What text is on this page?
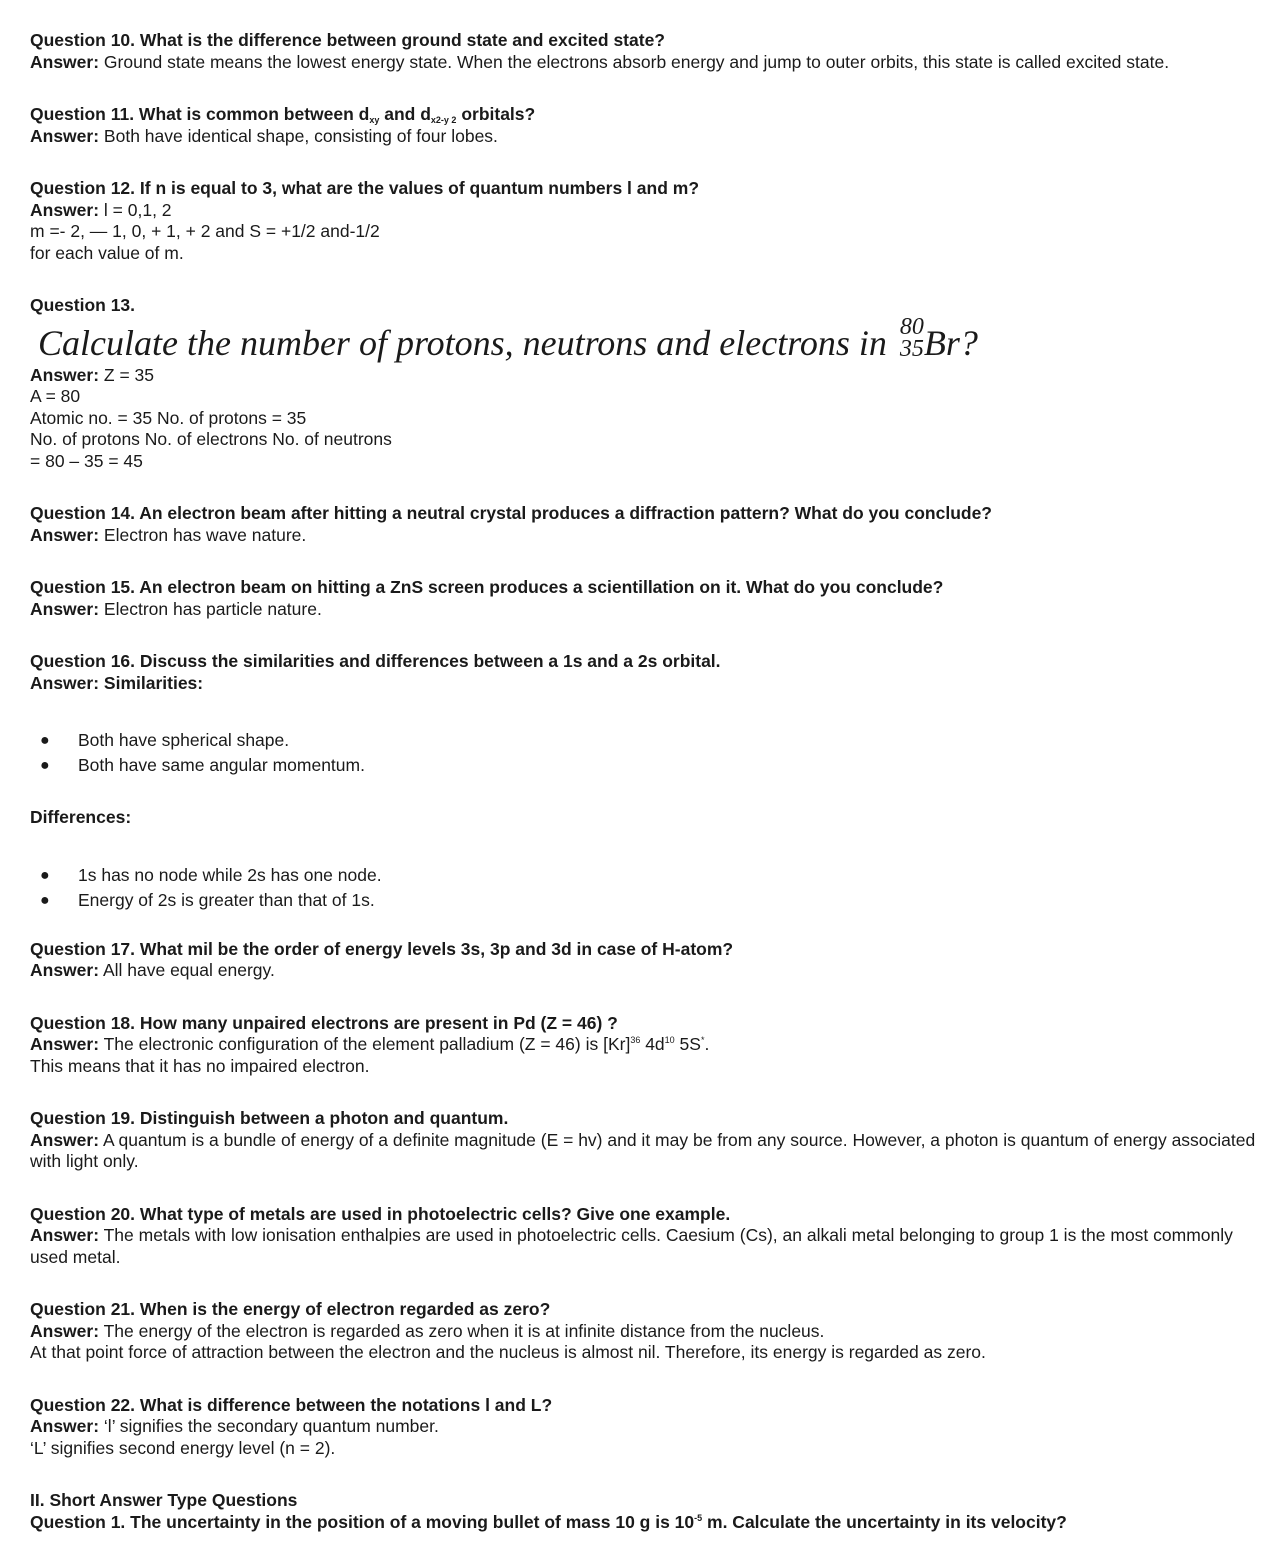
Question 10. What is the difference between ground state and excited state?
Answer: Ground state means the lowest energy state. When the electrons absorb energy and jump to outer orbits, this state is called excited state.
Question 11. What is common between $d_{xy}$ and $d_{x2-y 2}$ orbitals?
Answer: Both have identical shape, consisting of four lobes.
Question 12. If n is equal to 3, what are the values of quantum numbers l and m?
Answer: l = 0,1, 2
m =- 2, — 1, 0, + 1, + 2 and S = +1/2 and-1/2
for each value of m.
Question 13.
Calculate the number of protons, neutrons and electrons in 80
35 Br?
Answer: Z = 35
A = 80
Atomic no. = 35 No. of protons = 35
No. of protons No. of electrons No. of neutrons
= 80 – 35 = 45
Question 14. An electron beam after hitting a neutral crystal produces a diffraction pattern? What do you conclude?
Answer: Electron has wave nature.
Question 15. An electron beam on hitting a ZnS screen produces a scientillation on it. What do you conclude?
Answer: Electron has particle nature.
Question 16. Discuss the similarities and differences between a 1s and a 2s orbital.
Answer: Similarities:
● Both have spherical shape.
● Both have same angular momentum.
Differences:
● 1s has no node while 2s has one node.
● Energy of 2s is greater than that of 1s.
Question 17. What mil be the order of energy levels 3s, 3p and 3d in case of H-atom?
Answer: All have equal energy.
Question 18. How many unpaired electrons are present in Pd (Z = 46) ?
Answer: The electronic configuration of the element palladium (Z = 46) is $[Kr]^{36}$ $4d^{10}$ 5S*.
This means that it has no impaired electron.
Question 19. Distinguish between a photon and quantum.
Answer: A quantum is a bundle of energy of a definite magnitude (E = hv) and it may be from any source. However, a photon is quantum of energy associated with light only.
Question 20. What type of metals are used in photoelectric cells? Give one example.
Answer: The metals with low ionisation enthalpies are used in photoelectric cells. Caesium (Cs), an alkali metal belonging to group 1 is the most commonly used metal.
Question 21. When is the energy of electron regarded as zero?
Answer: The energy of the electron is regarded as zero when it is at infinite distance from the nucleus.
At that point force of attraction between the electron and the nucleus is almost nil. Therefore, its energy is regarded as zero.
Question 22. What is difference between the notations l and L?
Answer: ‘l’ signifies the secondary quantum number.
‘L’ signifies second energy level (n = 2).
II. Short Answer Type Questions
Question 1. The uncertainty in the position of a moving bullet of mass 10 g is $10^{-5}$ m. Calculate the uncertainty in its velocity?
